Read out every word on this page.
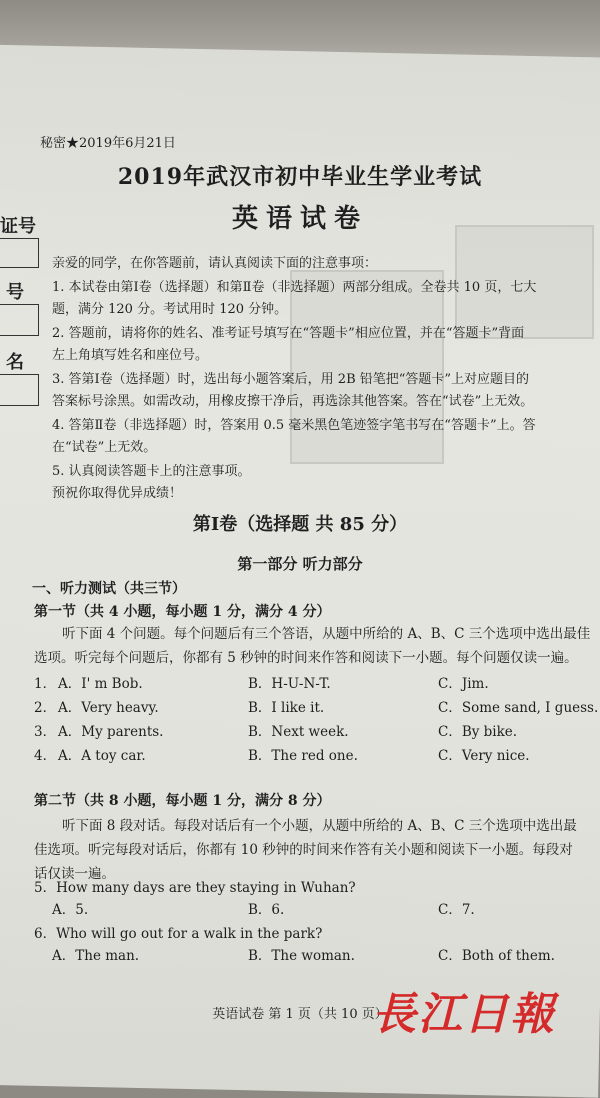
秘密★2019年6月21日
2019年武汉市初中毕业生学业考试
英语试卷
证号
号
名
亲爱的同学，在你答题前，请认真阅读下面的注意事项：
1. 本试卷由第Ⅰ卷（选择题）和第Ⅱ卷（非选择题）两部分组成。全卷共 10 页，七大
题，满分 120 分。考试用时 120 分钟。
2. 答题前，请将你的姓名、准考证号填写在“答题卡”相应位置，并在“答题卡”背面
左上角填写姓名和座位号。
3. 答第Ⅰ卷（选择题）时，选出每小题答案后，用 2B 铅笔把“答题卡”上对应题目的
答案标号涂黑。如需改动，用橡皮擦干净后，再选涂其他答案。答在“试卷”上无效。
4. 答第Ⅱ卷（非选择题）时，答案用 0.5 毫米黑色笔迹签字笔书写在“答题卡”上。答
在“试卷”上无效。
5. 认真阅读答题卡上的注意事项。
预祝你取得优异成绩！
第Ⅰ卷（选择题 共 85 分）
第一部分 听力部分
一、听力测试（共三节）
第一节（共 4 小题，每小题 1 分，满分 4 分）
听下面 4 个问题。每个问题后有三个答语，从题中所给的 A、B、C 三个选项中选出最佳
选项。听完每个问题后，你都有 5 秒钟的时间来作答和阅读下一小题。每个问题仅读一遍。
1． A．I' m Bob.	B．H-U-N-T.	C．Jim.
2． A．Very heavy.	B．I like it.	C．Some sand, I guess.
3． A．My parents.	B．Next week.	C．By bike.
4． A．A toy car.	B．The red one.	C．Very nice.
第二节（共 8 小题，每小题 1 分，满分 8 分）
听下面 8 段对话。每段对话后有一个小题，从题中所给的 A、B、C 三个选项中选出最
佳选项。听完每段对话后，你都有 10 秒钟的时间来作答有关小题和阅读下一小题。每段对
话仅读一遍。
5．How many days are they staying in Wuhan?
A．5.	B．6.	C．7.
6．Who will go out for a walk in the park?
A．The man.	B．The woman.	C．Both of them.
英语试卷 第 1 页（共 10 页）
長江日報
